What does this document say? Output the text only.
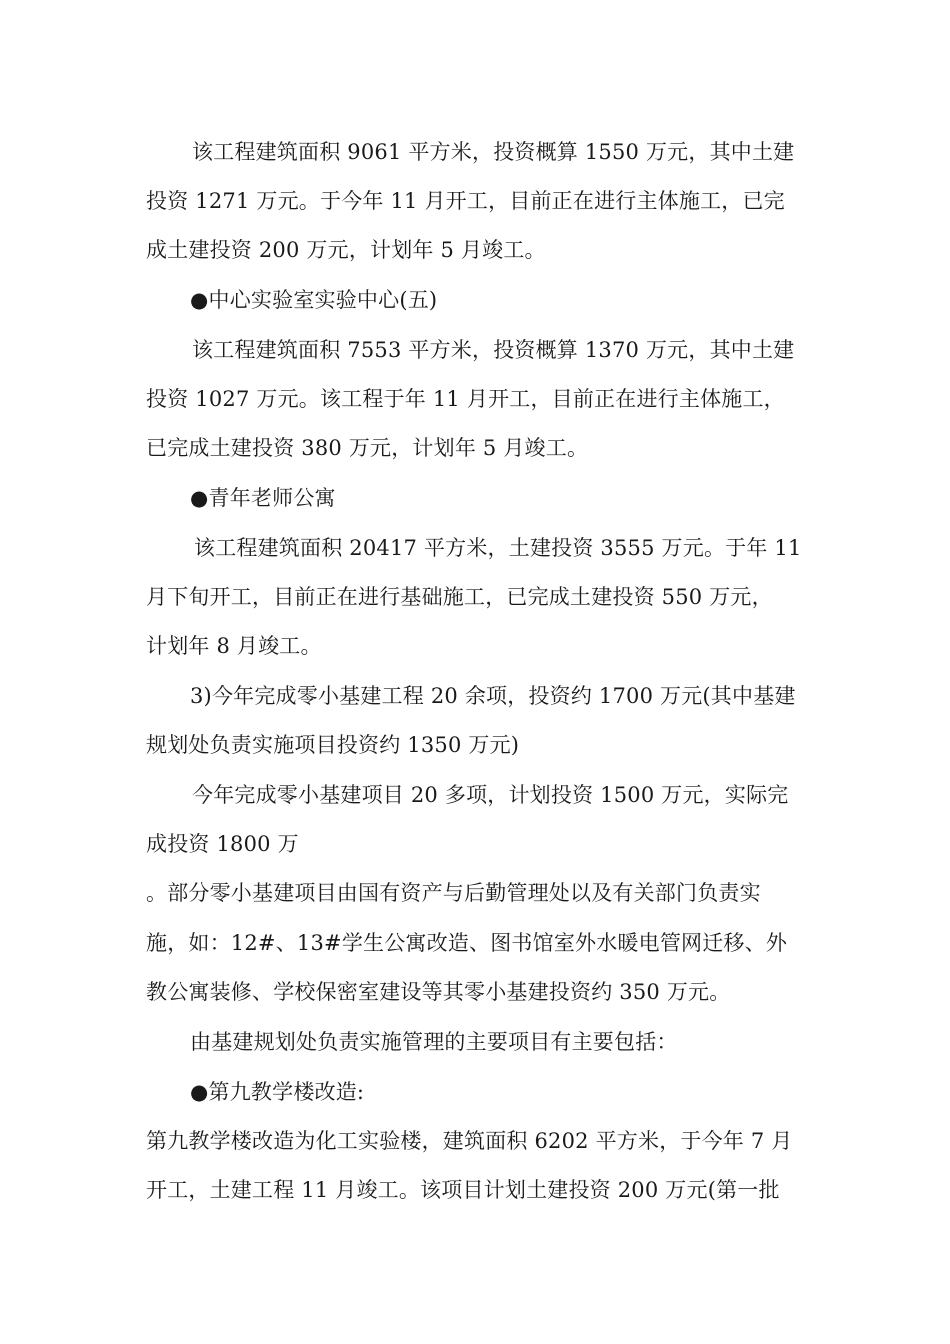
该工程建筑面积 9061 平方米，投资概算 1550 万元，其中土建
投资 1271 万元。于今年 11 月开工，目前正在进行主体施工，已完
成土建投资 200 万元，计划年 5 月竣工。
●中心实验室实验中心(五)
该工程建筑面积 7553 平方米，投资概算 1370 万元，其中土建
投资 1027 万元。该工程于年 11 月开工，目前正在进行主体施工，
已完成土建投资 380 万元，计划年 5 月竣工。
●青年老师公寓
该工程建筑面积 20417 平方米，土建投资 3555 万元。于年 11
月下旬开工，目前正在进行基础施工，已完成土建投资 550 万元，
计划年 8 月竣工。
3)今年完成零小基建工程 20 余项，投资约 1700 万元(其中基建
规划处负责实施项目投资约 1350 万元)
今年完成零小基建项目 20 多项，计划投资 1500 万元，实际完
成投资 1800 万
。部分零小基建项目由国有资产与后勤管理处以及有关部门负责实
施，如：12#、13#学生公寓改造、图书馆室外水暖电管网迁移、外
教公寓装修、学校保密室建设等其零小基建投资约 350 万元。
由基建规划处负责实施管理的主要项目有主要包括：
●第九教学楼改造:
第九教学楼改造为化工实验楼，建筑面积 6202 平方米，于今年 7 月
开工，土建工程 11 月竣工。该项目计划土建投资 200 万元(第一批
